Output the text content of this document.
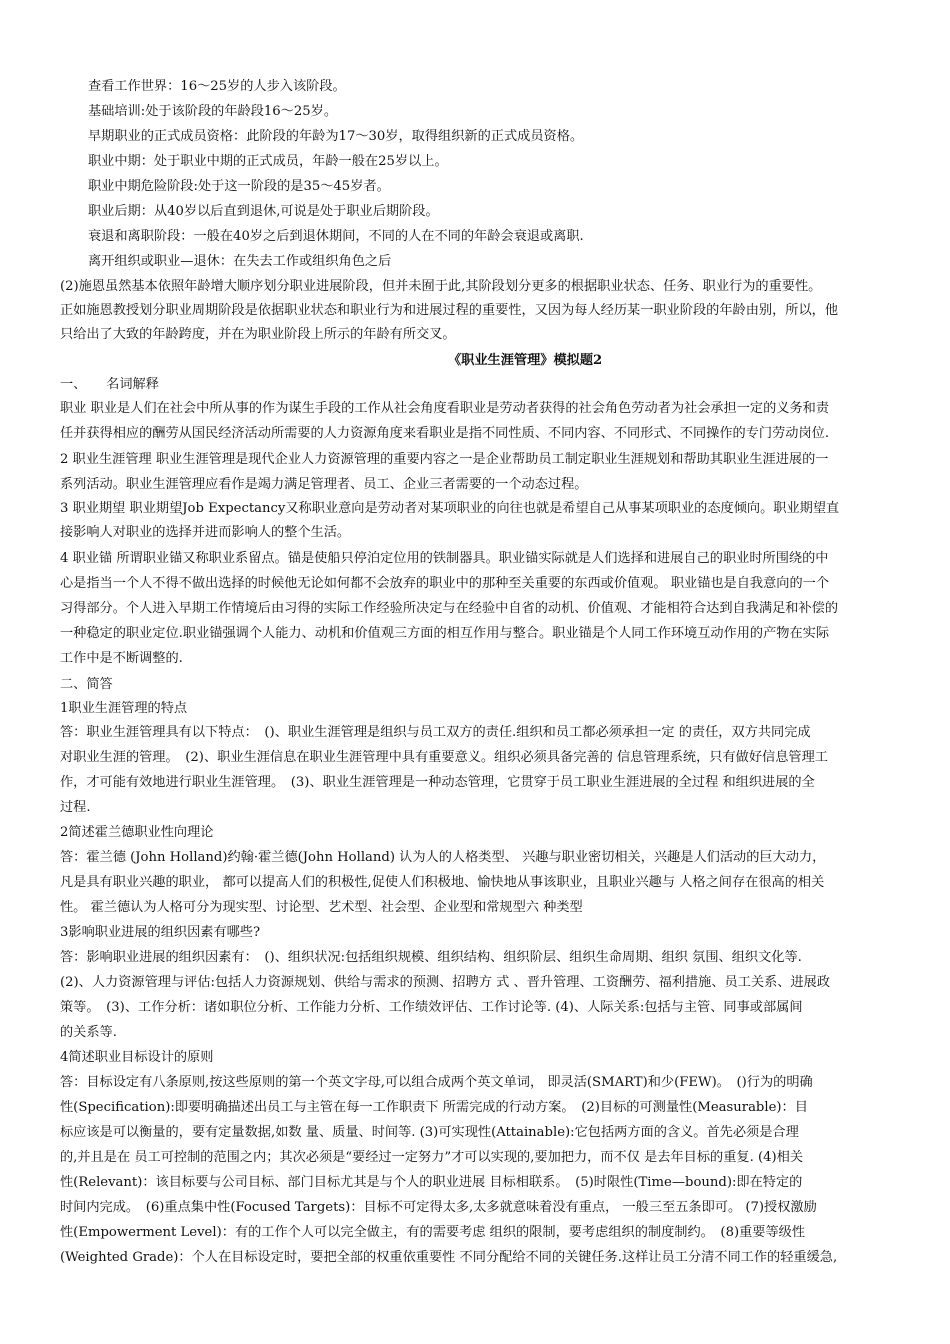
查看工作世界：16～25岁的人步入该阶段。
基础培训:处于该阶段的年龄段16～25岁。
早期职业的正式成员资格：此阶段的年龄为17～30岁，取得组织新的正式成员资格。
职业中期：处于职业中期的正式成员，年龄一般在25岁以上。
职业中期危险阶段:处于这一阶段的是35～45岁者。
职业后期：从40岁以后直到退休,可说是处于职业后期阶段。
衰退和离职阶段：一般在40岁之后到退休期间，不同的人在不同的年龄会衰退或离职.
离开组织或职业—退休：在失去工作或组织角色之后
(2)施恩虽然基本依照年龄增大顺序划分职业进展阶段，但并未囿于此,其阶段划分更多的根据职业状态、任务、职业行为的重要性。
正如施恩教授划分职业周期阶段是依据职业状态和职业行为和进展过程的重要性，又因为每人经历某一职业阶段的年龄由别，所以，他
只给出了大致的年龄跨度，并在为职业阶段上所示的年龄有所交叉。
《职业生涯管理》模拟题2
一、　　名词解释
职业 职业是人们在社会中所从事的作为谋生手段的工作从社会角度看职业是劳动者获得的社会角色劳动者为社会承担一定的义务和责
任并获得相应的酬劳从国民经济活动所需要的人力资源角度来看职业是指不同性质、不同内容、不同形式、不同操作的专门劳动岗位.
2 职业生涯管理 职业生涯管理是现代企业人力资源管理的重要内容之一是企业帮助员工制定职业生涯规划和帮助其职业生涯进展的一
系列活动。职业生涯管理应看作是竭力满足管理者、员工、企业三者需要的一个动态过程。
3 职业期望 职业期望Job Expectancy又称职业意向是劳动者对某项职业的向往也就是希望自己从事某项职业的态度倾向。职业期望直
接影响人对职业的选择并进而影响人的整个生活。
4 职业锚 所谓职业锚又称职业系留点。锚是使船只停泊定位用的铁制器具。职业锚实际就是人们选择和进展自己的职业时所围绕的中
心是指当一个人不得不做出选择的时候他无论如何都不会放弃的职业中的那种至关重要的东西或价值观。 职业锚也是自我意向的一个
习得部分。个人进入早期工作情境后由习得的实际工作经验所决定与在经验中自省的动机、价值观、才能相符合达到自我满足和补偿的
一种稳定的职业定位.职业锚强调个人能力、动机和价值观三方面的相互作用与整合。职业锚是个人同工作环境互动作用的产物在实际
工作中是不断调整的.
二、简答
1职业生涯管理的特点
答：职业生涯管理具有以下特点：　()、职业生涯管理是组织与员工双方的责任.组织和员工都必须承担一定 的责任，双方共同完成
对职业生涯的管理。　(2)、职业生涯信息在职业生涯管理中具有重要意义。组织必须具备完善的 信息管理系统，只有做好信息管理工
作，才可能有效地进行职业生涯管理。　(3)、职业生涯管理是一种动态管理，它贯穿于员工职业生涯进展的全过程 和组织进展的全
过程.
2简述霍兰德职业性向理论
答：霍兰德 (John Holland)约翰·霍兰德(John Holland) 认为人的人格类型、 兴趣与职业密切相关，兴趣是人们活动的巨大动力，
凡是具有职业兴趣的职业， 都可以提高人们的积极性,促使人们积极地、愉快地从事该职业，且职业兴趣与 人格之间存在很高的相关
性。 霍兰德认为人格可分为现实型、讨论型、艺术型、社会型、企业型和常规型六 种类型
3影响职业进展的组织因素有哪些?
答：影响职业进展的组织因素有：　()、组织状况:包括组织规模、组织结构、组织阶层、组织生命周期、组织 氛围、组织文化等.
(2)、人力资源管理与评估:包括人力资源规划、供给与需求的预测、招聘方 式 、晋升管理、工资酬劳、福利措施、员工关系、进展政
策等。　(3)、工作分析：诸如职位分析、工作能力分析、工作绩效评估、工作讨论等. (4)、人际关系:包括与主管、同事或部属间
的关系等.
4简述职业目标设计的原则
答：目标设定有八条原则,按这些原则的第一个英文字母,可以组合成两个英文单词， 即灵活(SMART)和少(FEW)。　()行为的明确
性(Specification):即要明确描述出员工与主管在每一工作职责下 所需完成的行动方案。　(2)目标的可测量性(Measurable)：目
标应该是可以衡量的，要有定量数据,如数 量、质量、时间等. (3)可实现性(Attainable):它包括两方面的含义。首先必须是合理
的,并且是在 员工可控制的范围之内；其次必须是“要经过一定努力”才可以实现的,要加把力，而不仅 是去年目标的重复. (4)相关
性(Relevant)：该目标要与公司目标、部门目标尤其是与个人的职业进展 目标相联系。　(5)时限性(Time—bound):即在特定的
时间内完成。　(6)重点集中性(Focused Targets)：目标不可定得太多,太多就意味着没有重点， 一般三至五条即可。 (7)授权激励
性(Empowerment Level)：有的工作个人可以完全做主，有的需要考虑 组织的限制，要考虑组织的制度制约。　(8)重要等级性
(Weighted Grade)：个人在目标设定时，要把全部的权重依重要性 不同分配给不同的关键任务.这样让员工分清不同工作的轻重缓急,
